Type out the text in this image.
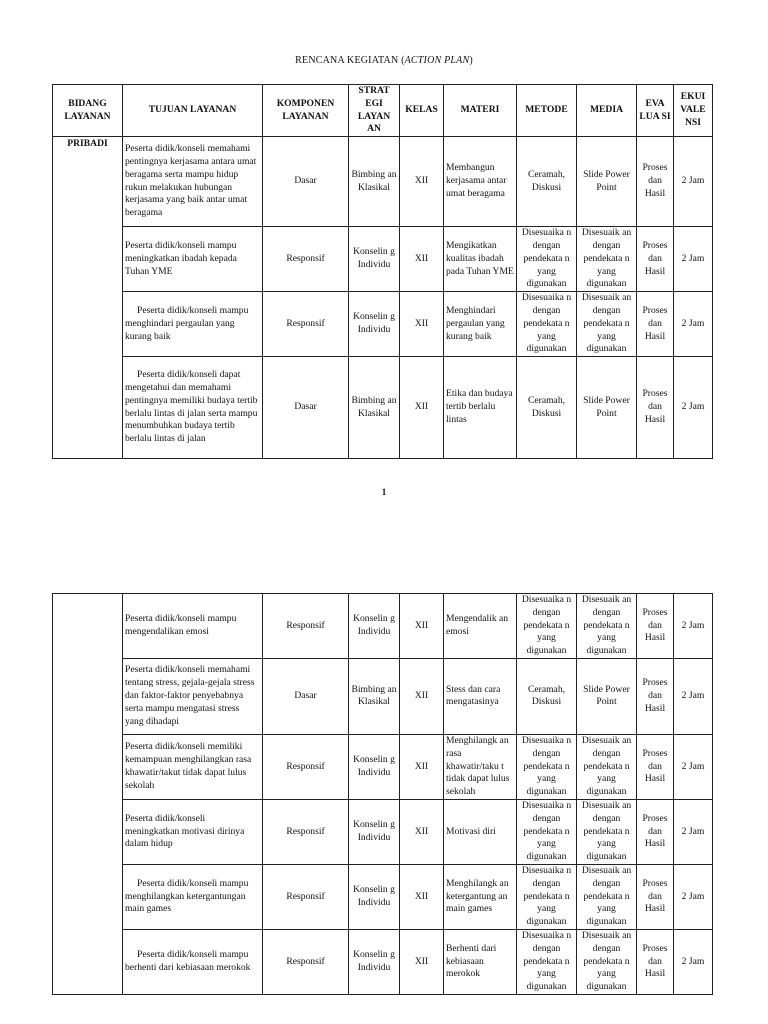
RENCANA KEGIATAN (ACTION PLAN)
BIDANG LAYANAN	TUJUAN LAYANAN	KOMPONEN LAYANAN	STRAT EGI LAYAN AN	KELAS	MATERI	METODE	MEDIA	EVA LUA SI	EKUI VALE NSI
PRIBADI	Peserta didik/konseli memahami pentingnya kerjasama antara umat beragama serta mampu hidup rukun melakukan hubungan kerjasama yang baik antar umat beragama	Dasar	Bimbing an Klasikal	XII	Membangun kerjasama antar umat beragama	Ceramah, Diskusi	Slide Power Point	Proses dan Hasil	2 Jam
	Peserta didik/konseli mampu meningkatkan ibadah kepada Tuhan YME	Responsif	Konselin g Individu	XII	Mengikatkan kualitas ibadah pada Tuhan YME	Disesuaika n dengan pendekata n yang digunakan	Disesuaik an dengan pendekata n yang digunakan	Proses dan Hasil	2 Jam
	Peserta didik/konseli mampu menghindari pergaulan yang kurang baik	Responsif	Konselin g Individu	XII	Menghindari pergaulan yang kurang baik	Disesuaika n dengan pendekata n yang digunakan	Disesuaik an dengan pendekata n yang digunakan	Proses dan Hasil	2 Jam
	Peserta didik/konseli dapat mengetahui dan memahami pentingnya memiliki budaya tertib berlalu lintas di jalan serta mampu menumbuhkan budaya tertib berlalu lintas di jalan	Dasar	Bimbing an Klasikal	XII	Etika dan budaya tertib berlalu lintas	Ceramah, Diskusi	Slide Power Point	Proses dan Hasil	2 Jam
1
	Peserta didik/konseli mampu mengendalikan emosi	Responsif	Konselin g Individu	XII	Mengendalik an emosi	Disesuaika n dengan pendekata n yang digunakan	Disesuaik an dengan pendekata n yang digunakan	Proses dan Hasil	2 Jam
	Peserta didik/konseli memahami tentang stress, gejala-gejala stress dan faktor-faktor penyebabnya serta mampu mengatasi stress yang dihadapi	Dasar	Bimbing an Klasikal	XII	Stess dan cara mengatasinya	Ceramah, Diskusi	Slide Power Point	Proses dan Hasil	2 Jam
	Peserta didik/konseli memiliki kemampuan menghilangkan rasa khawatir/takut tidak dapat lulus sekolah	Responsif	Konselin g Individu	XII	Menghilangk an rasa khawatir/taku t tidak dapat lulus sekolah	Disesuaika n dengan pendekata n yang digunakan	Disesuaik an dengan pendekata n yang digunakan	Proses dan Hasil	2 Jam
	Peserta didik/konseli meningkatkan motivasi dirinya dalam hidup	Responsif	Konselin g Individu	XII	Motivasi diri	Disesuaika n dengan pendekata n yang digunakan	Disesuaik an dengan pendekata n yang digunakan	Proses dan Hasil	2 Jam
	Peserta didik/konseli mampu menghilangkan ketergantungan main games	Responsif	Konselin g Individu	XII	Menghilangk an ketergantung an main games	Disesuaika n dengan pendekata n yang digunakan	Disesuaik an dengan pendekata n yang digunakan	Proses dan Hasil	2 Jam
	Peserta didik/konseli mampu berhenti dari kebiasaan merokok	Responsif	Konselin g Individu	XII	Berhenti dari kebiasaan merokok	Disesuaika n dengan pendekata n yang digunakan	Disesuaik an dengan pendekata n yang digunakan	Proses dan Hasil	2 Jam
